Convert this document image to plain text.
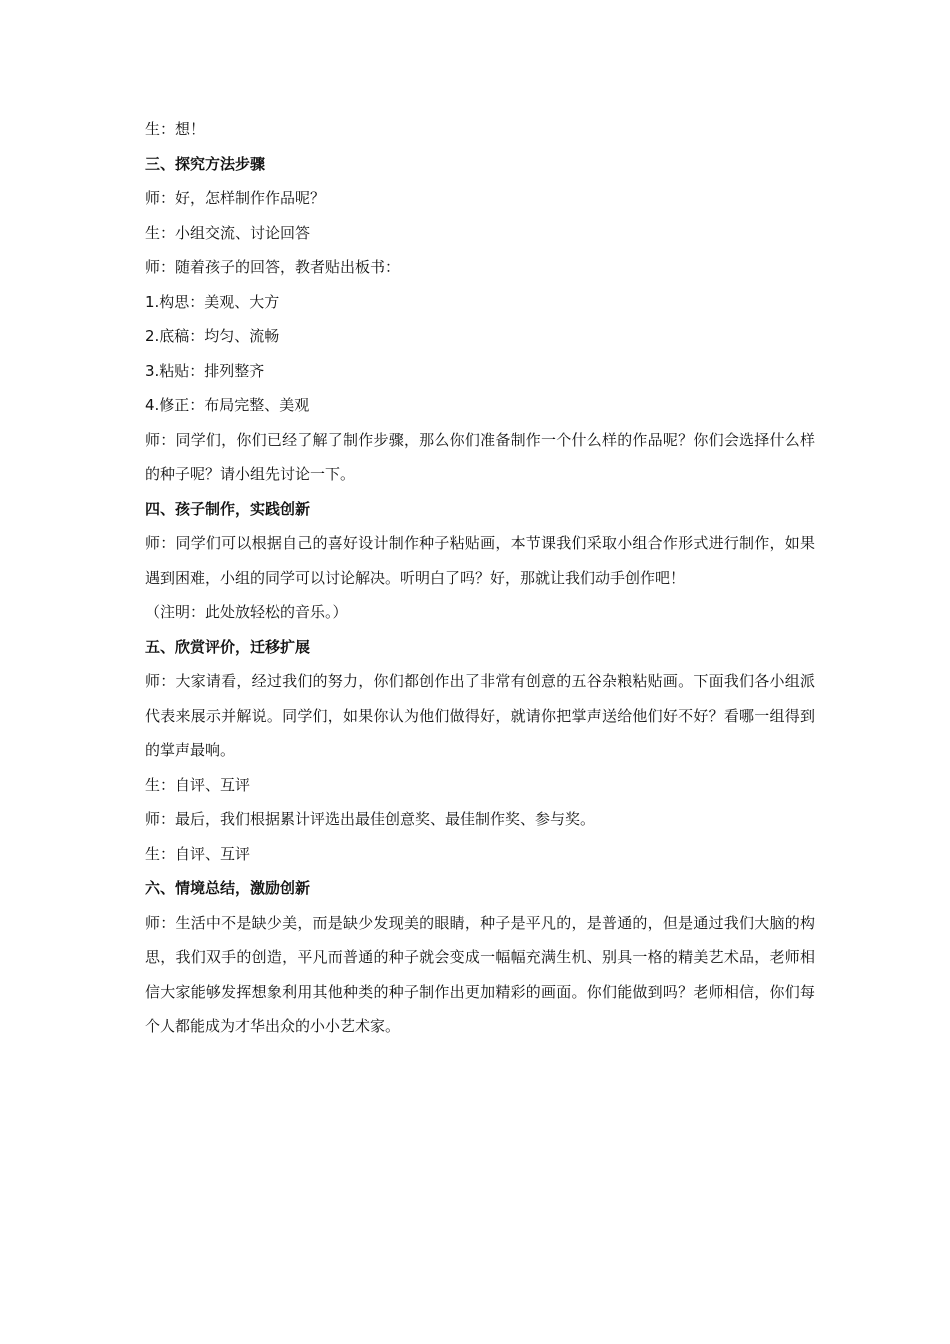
生：想！
三、探究方法步骤
师：好，怎样制作作品呢？
生：小组交流、讨论回答
师：随着孩子的回答，教者贴出板书：
1.构思：美观、大方
2.底稿：均匀、流畅
3.粘贴：排列整齐
4.修正：布局完整、美观
师：同学们，你们已经了解了制作步骤，那么你们准备制作一个什么样的作品呢？你们会选择什么样的种子呢？请小组先讨论一下。
四、孩子制作，实践创新
师：同学们可以根据自己的喜好设计制作种子粘贴画，本节课我们采取小组合作形式进行制作，如果遇到困难，小组的同学可以讨论解决。听明白了吗？好，那就让我们动手创作吧！
（注明：此处放轻松的音乐。）
五、欣赏评价，迁移扩展
师：大家请看，经过我们的努力，你们都创作出了非常有创意的五谷杂粮粘贴画。下面我们各小组派代表来展示并解说。同学们，如果你认为他们做得好，就请你把掌声送给他们好不好？看哪一组得到的掌声最响。
生：自评、互评
师：最后，我们根据累计评选出最佳创意奖、最佳制作奖、参与奖。
生：自评、互评
六、情境总结，激励创新
师：生活中不是缺少美，而是缺少发现美的眼睛，种子是平凡的，是普通的，但是通过我们大脑的构思，我们双手的创造，平凡而普通的种子就会变成一幅幅充满生机、别具一格的精美艺术品，老师相信大家能够发挥想象利用其他种类的种子制作出更加精彩的画面。你们能做到吗？老师相信，你们每个人都能成为才华出众的小小艺术家。
